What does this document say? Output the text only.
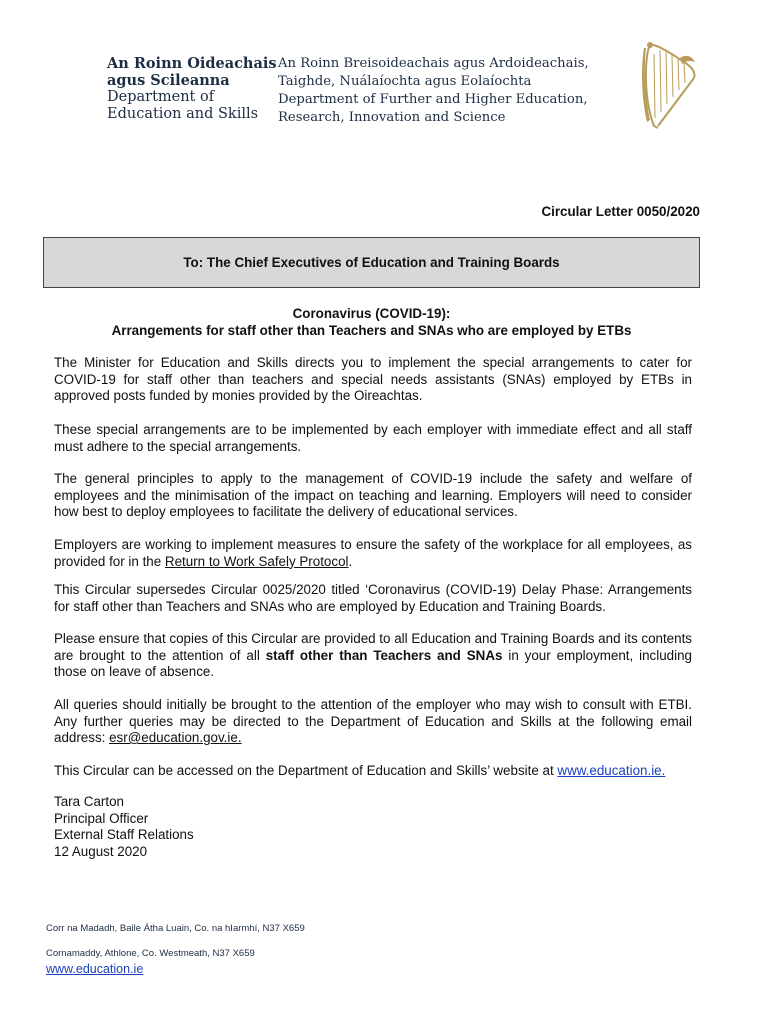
An Roinn Oideachais
agus Scileanna
Department of
Education and Skills
An Roinn Breisoideachais agus Ardoideachais,
Taighde, Nuálaíochta agus Eolaíochta
Department of Further and Higher Education,
Research, Innovation and Science
Circular Letter 0050/2020
To: The Chief Executives of Education and Training Boards
Coronavirus (COVID-19):
Arrangements for staff other than Teachers and SNAs who are employed by ETBs

The Minister for Education and Skills directs you to implement the special arrangements to cater for COVID-19 for staff other than teachers and special needs assistants (SNAs) employed by ETBs in approved posts funded by monies provided by the Oireachtas.

These special arrangements are to be implemented by each employer with immediate effect and all staff must adhere to the special arrangements.

The general principles to apply to the management of COVID-19 include the safety and welfare of employees and the minimisation of the impact on teaching and learning. Employers will need to consider how best to deploy employees to facilitate the delivery of educational services.

Employers are working to implement measures to ensure the safety of the workplace for all employees, as provided for in the Return to Work Safely Protocol.

This Circular supersedes Circular 0025/2020 titled ‘Coronavirus (COVID-19) Delay Phase: Arrangements for staff other than Teachers and SNAs who are employed by Education and Training Boards.

Please ensure that copies of this Circular are provided to all Education and Training Boards and its contents are brought to the attention of all staff other than Teachers and SNAs in your employment, including those on leave of absence.

All queries should initially be brought to the attention of the employer who may wish to consult with ETBI. Any further queries may be directed to the Department of Education and Skills at the following email address: esr@education.gov.ie.

This Circular can be accessed on the Department of Education and Skills’ website at www.education.ie.

Tara Carton
Principal Officer
External Staff Relations
12 August 2020
Corr na Madadh, Baile Átha Luain, Co. na hIarmhí, N37 X659
Cornamaddy, Athlone, Co. Westmeath, N37 X659
www.education.ie
